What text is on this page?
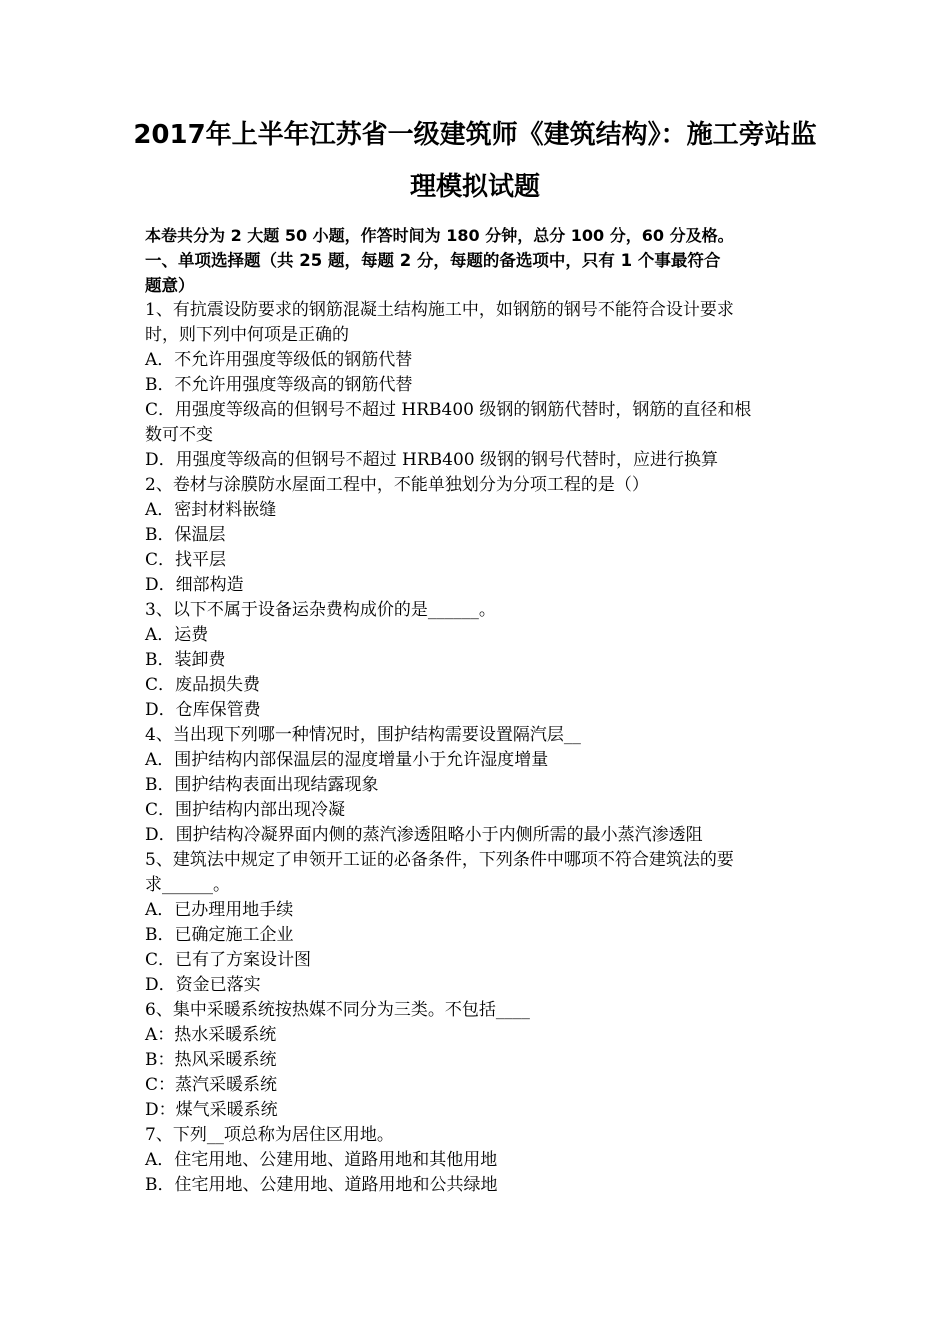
2017年上半年江苏省一级建筑师《建筑结构》：施工旁站监
理模拟试题
本卷共分为 2 大题 50 小题，作答时间为 180 分钟，总分 100 分，60 分及格。
一、单项选择题（共 25 题，每题 2 分，每题的备选项中，只有 1 个事最符合
题意）
1、有抗震设防要求的钢筋混凝土结构施工中，如钢筋的钢号不能符合设计要求
时，则下列中何项是正确的
A．不允许用强度等级低的钢筋代替
B．不允许用强度等级高的钢筋代替
C．用强度等级高的但钢号不超过 HRB400 级钢的钢筋代替时，钢筋的直径和根
数可不变
D．用强度等级高的但钢号不超过 HRB400 级钢的钢号代替时，应进行换算
2、卷材与涂膜防水屋面工程中，不能单独划分为分项工程的是（）
A．密封材料嵌缝
B．保温层
C．找平层
D．细部构造
3、以下不属于设备运杂费构成价的是______。
A．运费
B．装卸费
C．废品损失费
D．仓库保管费
4、当出现下列哪一种情况时，围护结构需要设置隔汽层__
A．围护结构内部保温层的湿度增量小于允许湿度增量
B．围护结构表面出现结露现象
C．围护结构内部出现冷凝
D．围护结构冷凝界面内侧的蒸汽渗透阻略小于内侧所需的最小蒸汽渗透阻
5、建筑法中规定了申领开工证的必备条件，下列条件中哪项不符合建筑法的要
求______。
A．已办理用地手续
B．已确定施工企业
C．已有了方案设计图
D．资金已落实
6、集中采暖系统按热媒不同分为三类。不包括____
A：热水采暖系统
B：热风采暖系统
C：蒸汽采暖系统
D：煤气采暖系统
7、下列__项总称为居住区用地。
A．住宅用地、公建用地、道路用地和其他用地
B．住宅用地、公建用地、道路用地和公共绿地
